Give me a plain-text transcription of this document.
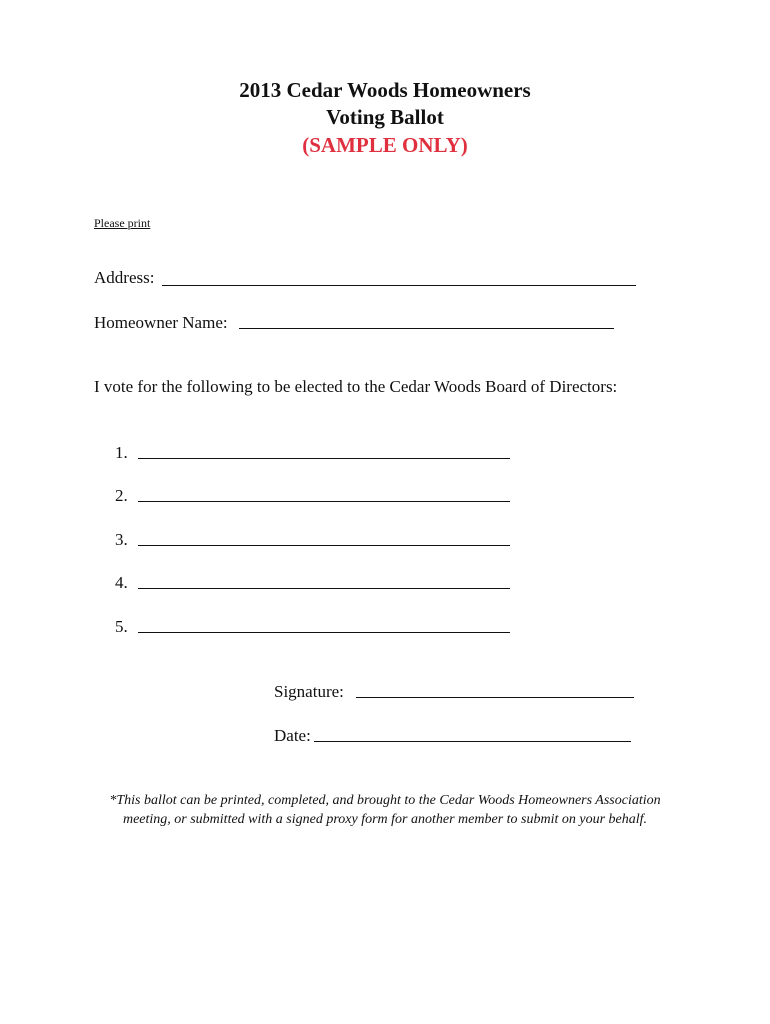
2013 Cedar Woods Homeowners
Voting Ballot
(SAMPLE ONLY)
Please print
Address:
Homeowner Name:
I vote for the following to be elected to the Cedar Woods Board of Directors:
1.
2.
3.
4.
5.
Signature:
Date:
*This ballot can be printed, completed, and brought to the Cedar Woods Homeowners Association
meeting, or submitted with a signed proxy form for another member to submit on your behalf.
